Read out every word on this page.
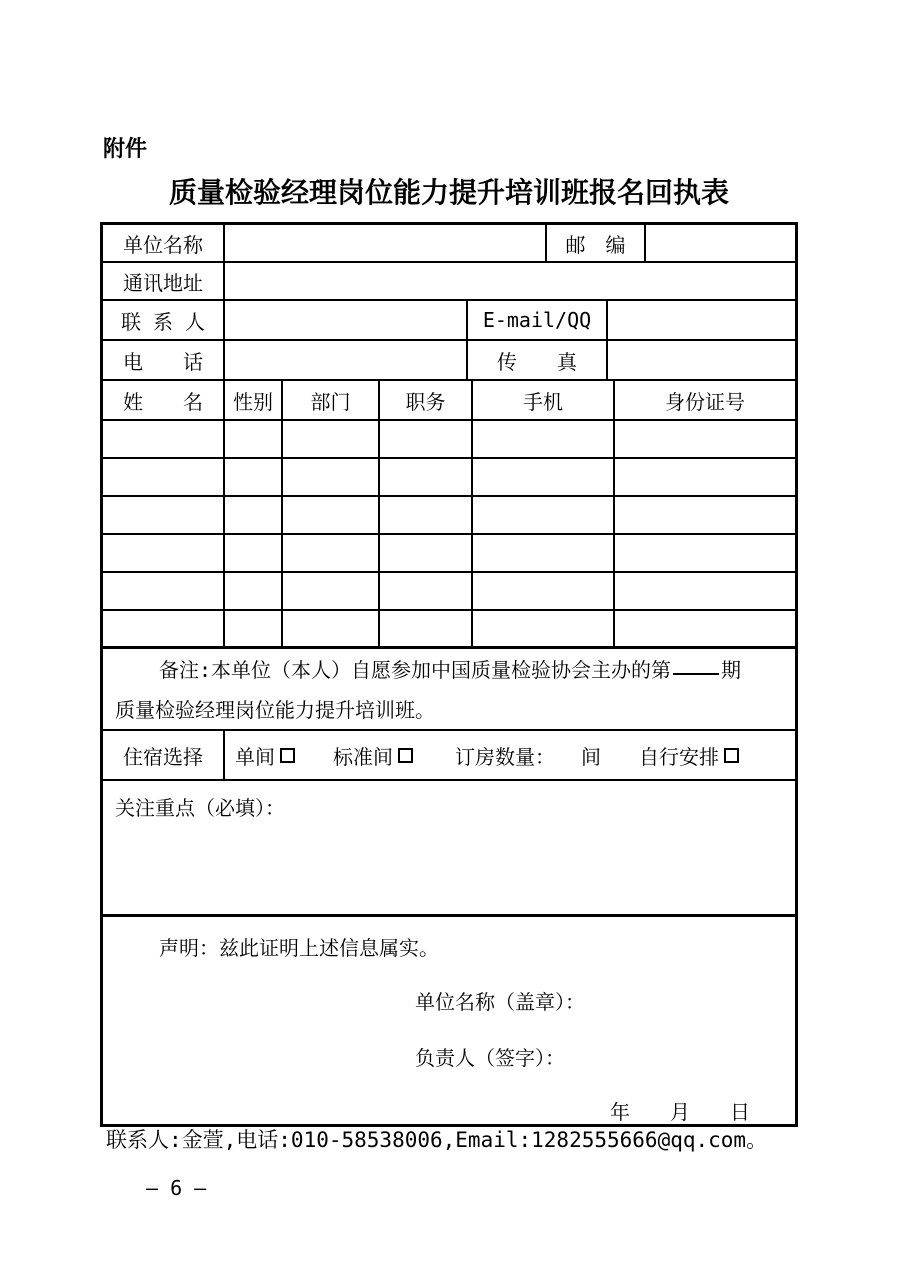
附件
质量检验经理岗位能力提升培训班报名回执表
单位名称	邮　编
通讯地址
联 系 人	E-mail/QQ
电　　话	传　　真
姓　　名	性别	部门	职务	手机	身份证号
备注:本单位（本人）自愿参加中国质量检验协会主办的第	期
质量检验经理岗位能力提升培训班。
住宿选择	单间	标准间	订房数量： 间 自行安排
关注重点（必填）：
声明：兹此证明上述信息属实。
单位名称（盖章）：
负责人（签字）：
年　　月　　日
联系人:金萱,电话:010-58538006,Email:1282555666@qq.com。
— 6 —
